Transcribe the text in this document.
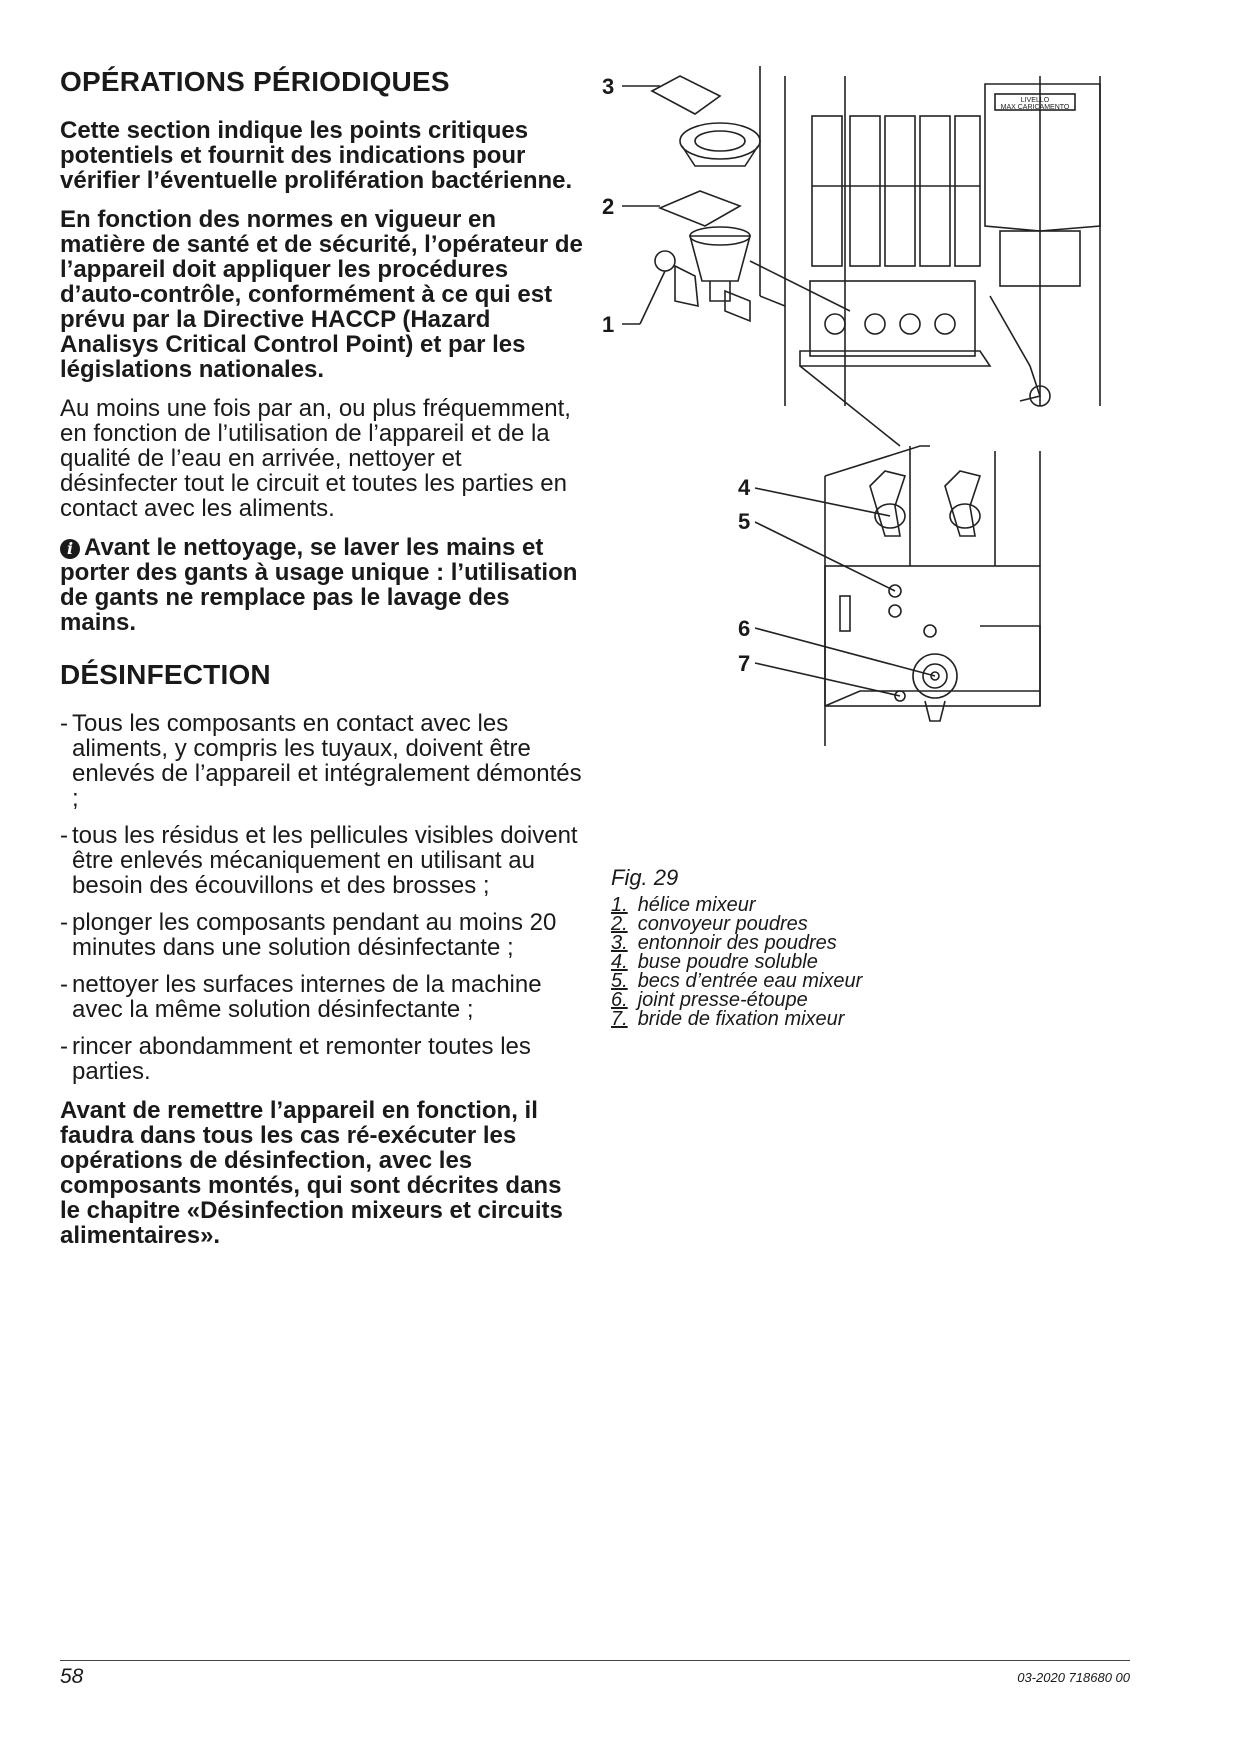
OPÉRATIONS PÉRIODIQUES

Cette section indique les points critiques potentiels et fournit des indications pour vérifier l’éventuelle prolifération bactérienne.

En fonction des normes en vigueur en matière de santé et de sécurité, l’opérateur de l’appareil doit appliquer les procédures d’auto-contrôle, conformément à ce qui est prévu par la Directive HACCP (Hazard Analisys Critical Control Point) et par les législations nationales.

Au moins une fois par an, ou plus fréquemment, en fonction de l’utilisation de l’appareil et de la qualité de l’eau en arrivée, nettoyer et désinfecter tout le circuit et toutes les parties en contact avec les aliments.

i Avant le nettoyage, se laver les mains et porter des gants à usage unique : l’utilisation de gants ne remplace pas le lavage des mains.

DÉSINFECTION
- Tous les composants en contact avec les aliments, y compris les tuyaux, doivent être enlevés de l’appareil et intégralement démontés ;
- tous les résidus et les pellicules visibles doivent être enlevés mécaniquement en utilisant au besoin des écouvillons et des brosses ;
- plonger les composants pendant au moins 20 minutes dans une solution désinfectante ;
- nettoyer les surfaces internes de la machine avec la même solution désinfectante ;
- rincer abondamment et remonter toutes les parties.

Avant de remettre l’appareil en fonction, il faudra dans tous les cas ré-exécuter les opérations de désinfection, avec les composants montés, qui sont décrites dans le chapitre «Désinfection mixeurs et circuits alimentaires».

LIVELLO
MAX CARICAMENTO
3
2
1
4
5
6
7
Fig. 29
1. hélice mixeur
2. convoyeur poudres
3. entonnoir des poudres
4. buse poudre soluble
5. becs d’entrée eau mixeur
6. joint presse-étoupe
7. bride de fixation mixeur
58	03-2020 718680 00
